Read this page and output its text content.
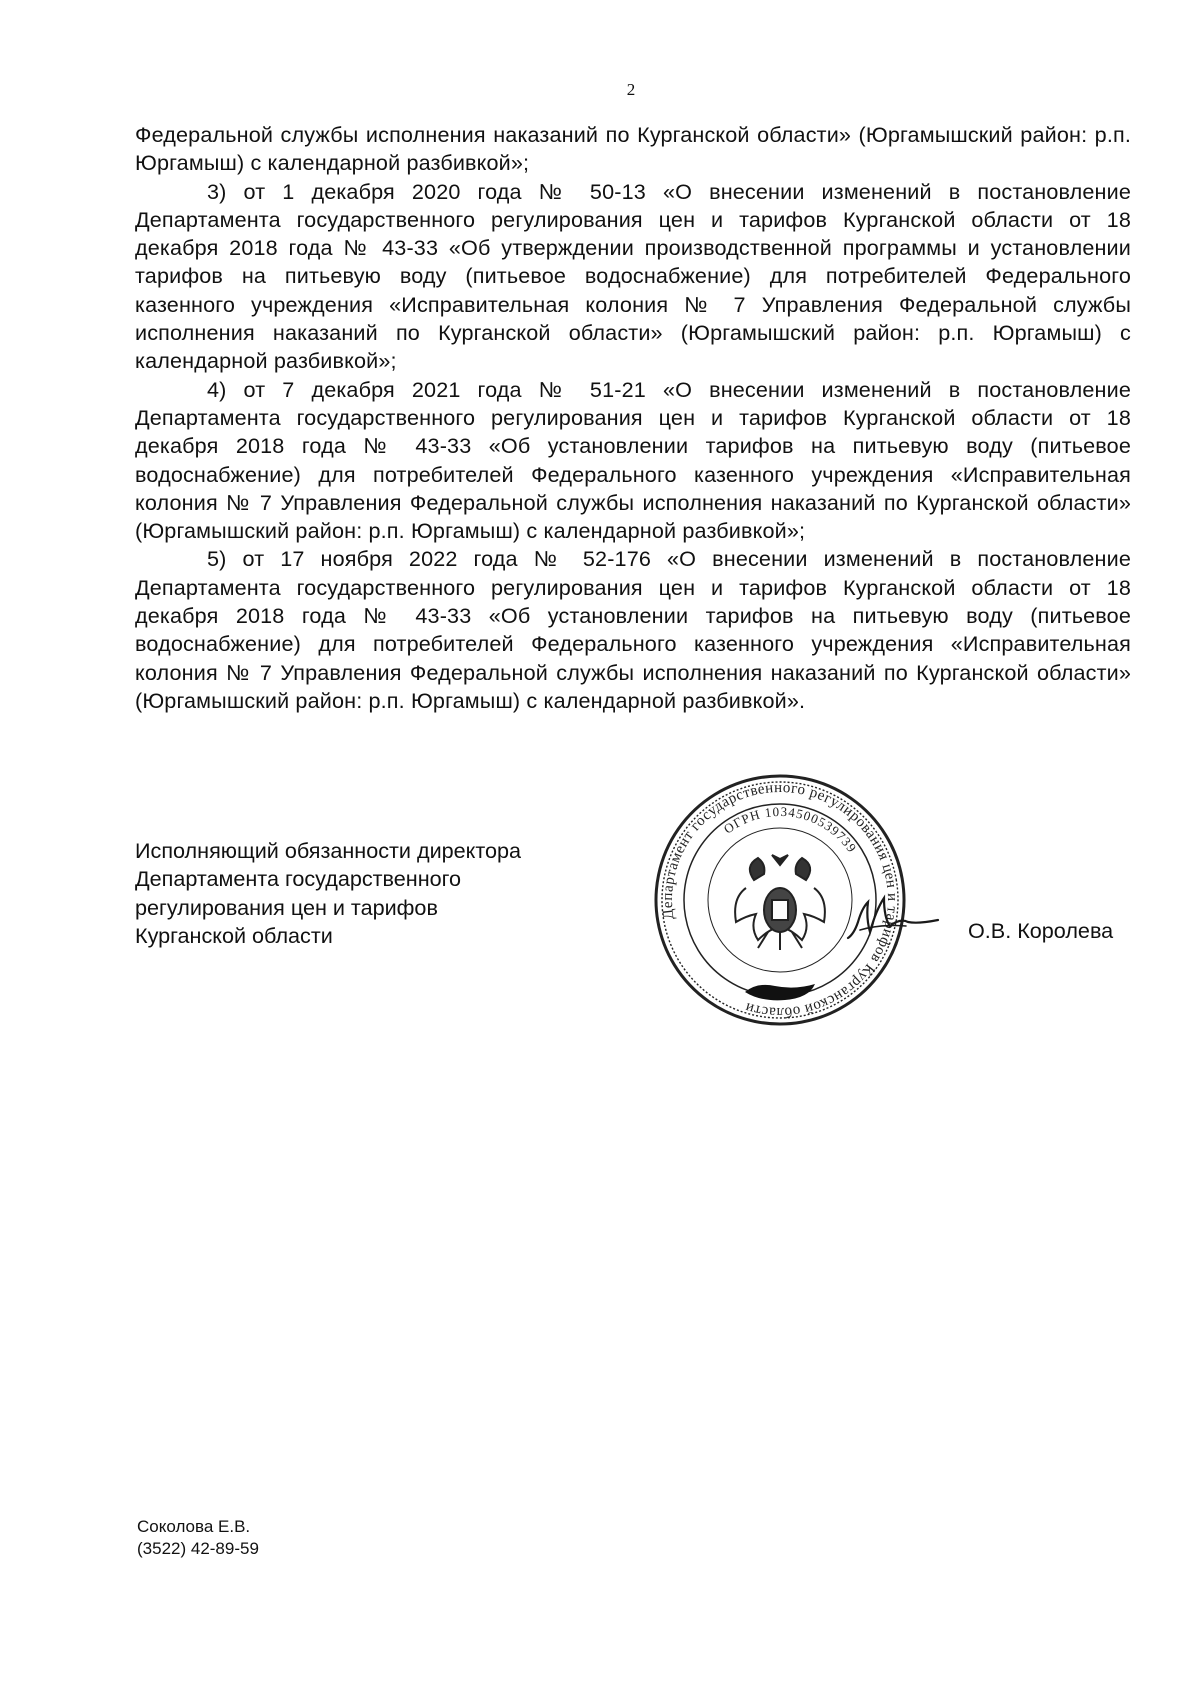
2

Федеральной службы исполнения наказаний по Курганской области» (Юргамышский район: р.п. Юргамыш) с календарной разбивкой»;

3) от 1 декабря 2020 года № 50-13 «О внесении изменений в постановление Департамента государственного регулирования цен и тарифов Курганской области от 18 декабря 2018 года № 43-33 «Об утверждении производственной программы и установлении тарифов на питьевую воду (питьевое водоснабжение) для потребителей Федерального казенного учреждения «Исправительная колония № 7 Управления Федеральной службы исполнения наказаний по Курганской области» (Юргамышский район: р.п. Юргамыш) с календарной разбивкой»;

4) от 7 декабря 2021 года № 51-21 «О внесении изменений в постановление Департамента государственного регулирования цен и тарифов Курганской области от 18 декабря 2018 года № 43-33 «Об установлении тарифов на питьевую воду (питьевое водоснабжение) для потребителей Федерального казенного учреждения «Исправительная колония № 7 Управления Федеральной службы исполнения наказаний по Курганской области» (Юргамышский район: р.п. Юргамыш) с календарной разбивкой»;

5) от 17 ноября 2022 года № 52-176 «О внесении изменений в постановление Департамента государственного регулирования цен и тарифов Курганской области от 18 декабря 2018 года № 43-33 «Об установлении тарифов на питьевую воду (питьевое водоснабжение) для потребителей Федерального казенного учреждения «Исправительная колония № 7 Управления Федеральной службы исполнения наказаний по Курганской области» (Юргамышский район: р.п. Юргамыш) с календарной разбивкой».

Исполняющий обязанности директора
Департамента государственного
регулирования цен и тарифов
Курганской области
Департамент государственного регулирования цен и тарифов Курганской области
ОГРН 1034500539739
О.В. Королева
Соколова Е.В.
(3522) 42-89-59
